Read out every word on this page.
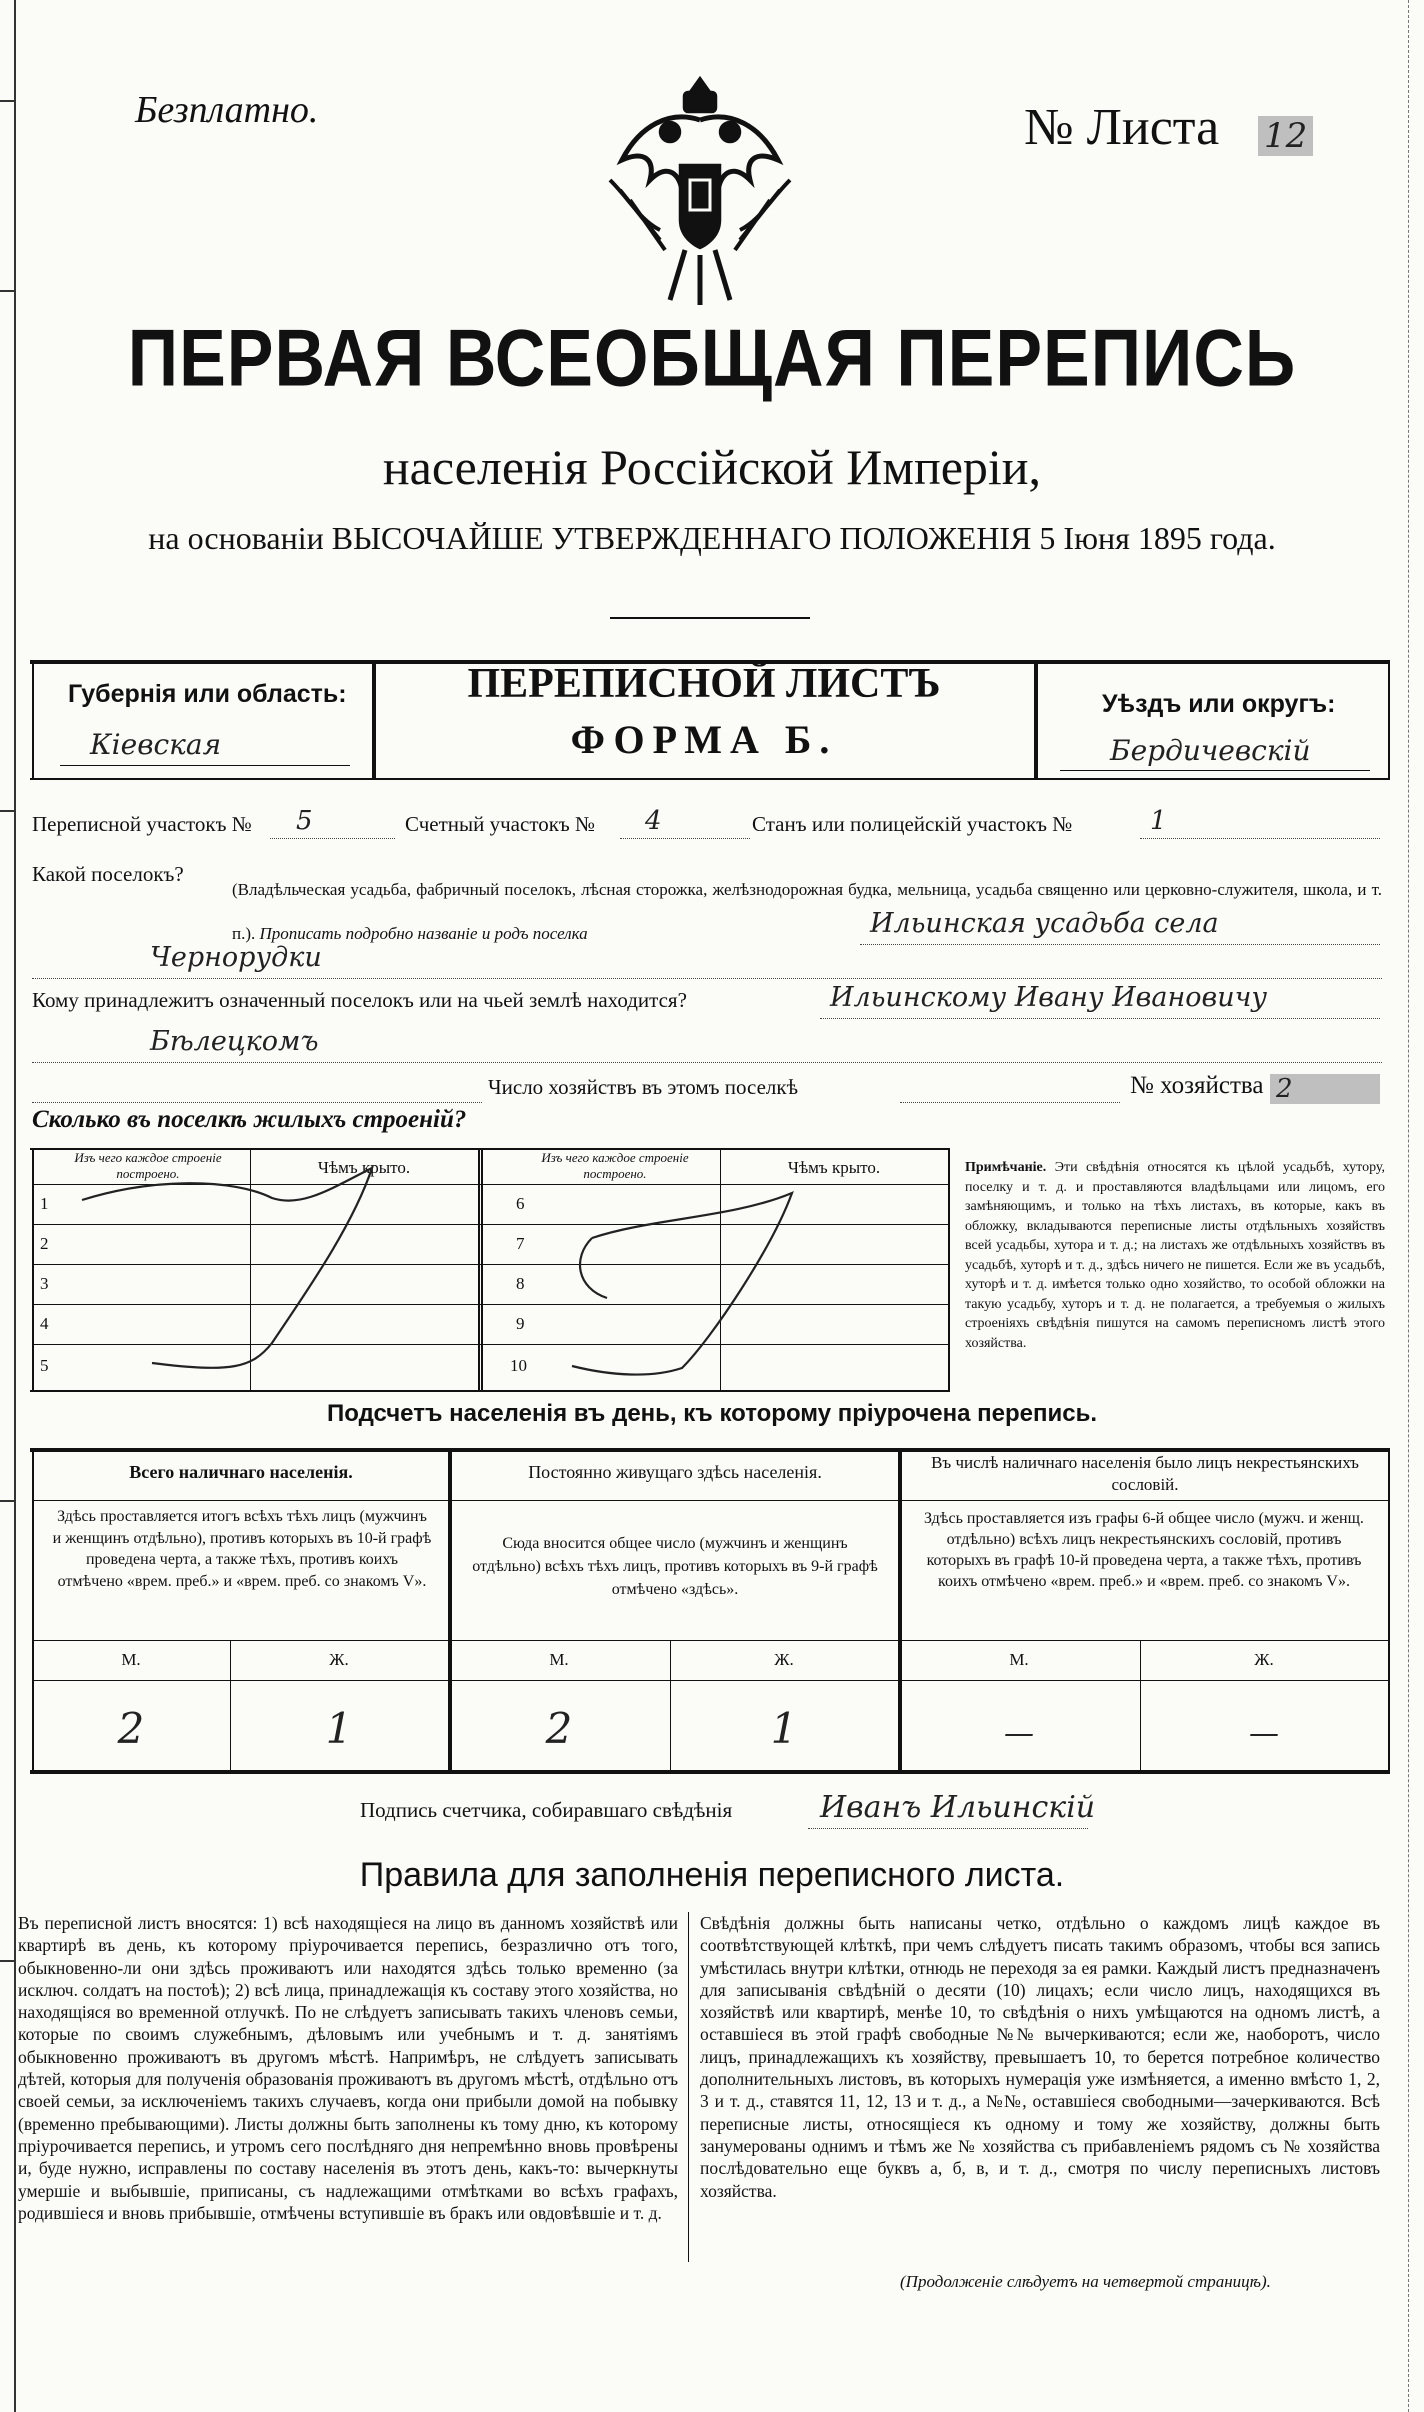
Безплатно.	№ Листа 12
ПЕРВАЯ ВСЕОБЩАЯ ПЕРЕПИСЬ
населенія Россійской Имперіи,
на основаніи ВЫСОЧАЙШЕ УТВЕРЖДЕННАГО ПОЛОЖЕНІЯ 5 Іюня 1895 года.
Губернія или область:
Кіевская
ПЕРЕПИСНОЙ ЛИСТЪ
ФОРМА Б.
Уѣздъ или округъ:
Бердичевскій
Переписной участокъ № 5	Счетный участокъ № 4	Станъ или полицейскій участокъ №	1
Какой поселокъ?
(Владѣльческая усадьба, фабричный поселокъ, лѣсная сторожка, желѣзнодорожная будка, мельница, усадьба священно или церковно-служителя, школа, и т. п.). Прописать подробно названіе и родъ поселка	Ильинская усадьба села
Чернорудки
Кому принадлежитъ означенный поселокъ или на чьей землѣ находится?	Ильинскому Ивану Ивановичу
Бѣлецкомъ
Число хозяйствъ въ этомъ поселкѣ	№ хозяйства 2
Сколько въ поселкѣ жилыхъ строеній?
Изъ чего каждое строеніе построено.	Чѣмъ крыто.
Изъ чего каждое строеніе построено.	Чѣмъ крыто.
1
2
3
4
5
6
7
8
9
10
Примѣчаніе. Эти свѣдѣнія относятся къ цѣлой усадьбѣ, хутору, поселку и т. д. и проставляются владѣльцами или лицомъ, его замѣняющимъ, и только на тѣхъ листахъ, въ которые, какъ въ обложку, вкладываются переписные листы отдѣльныхъ хозяйствъ всей усадьбы, хутора и т. д.; на листахъ же отдѣльныхъ хозяйствъ въ усадьбѣ, хуторѣ и т. д., здѣсь ничего не пишется. Если же въ усадьбѣ, хуторѣ и т. д. имѣется только одно хозяйство, то особой обложки на такую усадьбу, хуторъ и т. д. не полагается, а требуемыя о жилыхъ строеніяхъ свѣдѣнія пишутся на самомъ переписномъ листѣ этого хозяйства.
Подсчетъ населенія въ день, къ которому пріурочена перепись.
Всего наличнаго населенія.	Постоянно живущаго здѣсь населенія.	Въ числѣ наличнаго населенія было лицъ некрестьянскихъ сословій.
Здѣсь проставляется итогъ всѣхъ тѣхъ лицъ (мужчинъ и женщинъ отдѣльно), противъ которыхъ въ 10-й графѣ проведена черта, а также тѣхъ, противъ коихъ отмѣчено «врем. преб.» и «врем. преб. со знакомъ V».
Сюда вносится общее число (мужчинъ и женщинъ отдѣльно) всѣхъ тѣхъ лицъ, противъ которыхъ въ 9-й графѣ отмѣчено «здѣсь».
Здѣсь проставляется изъ графы 6-й общее число (мужч. и женщ. отдѣльно) всѣхъ лицъ некрестьянскихъ сословій, противъ которыхъ въ графѣ 10-й проведена черта, а также тѣхъ, противъ коихъ отмѣчено «врем. преб.» и «врем. преб. со знакомъ V».
М.	Ж.	М.	Ж.	М.	Ж.
2	1	2	1	—	—
Подпись счетчика, собиравшаго свѣдѣнія	Иванъ Ильинскій
Правила для заполненія переписного листа.
Въ переписной листъ вносятся: 1) всѣ находящіеся на лицо въ данномъ хозяйствѣ или квартирѣ въ день, къ которому пріурочивается перепись, безразлично отъ того, обыкновенно-ли они здѣсь проживаютъ или находятся здѣсь только временно (за исключ. солдатъ на постоѣ); 2) всѣ лица, принадлежащія къ составу этого хозяйства, но находящіяся во временной отлучкѣ. По не слѣдуетъ записывать такихъ членовъ семьи, которые по своимъ служебнымъ, дѣловымъ или учебнымъ и т. д. занятіямъ обыкновенно проживаютъ въ другомъ мѣстѣ. Напримѣръ, не слѣдуетъ записывать дѣтей, которыя для полученія образованія проживаютъ въ другомъ мѣстѣ, отдѣльно отъ своей семьи, за исключеніемъ такихъ случаевъ, когда они прибыли домой на побывку (временно пребывающими). Листы должны быть заполнены къ тому дню, къ которому пріурочивается перепись, и утромъ сего послѣдняго дня непремѣнно вновь провѣрены и, буде нужно, исправлены по составу населенія въ этотъ день, какъ-то: вычеркнуты умершіе и выбывшіе, приписаны, съ надлежащими отмѣтками во всѣхъ графахъ, родившіеся и вновь прибывшіе, отмѣчены вступившіе въ бракъ или овдовѣвшіе и т. д.
Свѣдѣнія должны быть написаны четко, отдѣльно о каждомъ лицѣ каждое въ соотвѣтствующей клѣткѣ, при чемъ слѣдуетъ писать такимъ образомъ, чтобы вся запись умѣстилась внутри клѣтки, отнюдь не переходя за ея рамки. Каждый листъ предназначенъ для записыванія свѣдѣній о десяти (10) лицахъ; если число лицъ, находящихся въ хозяйствѣ или квартирѣ, менѣе 10, то свѣдѣнія о нихъ умѣщаются на одномъ листѣ, а оставшіеся въ этой графѣ свободные №№ вычеркиваются; если же, наоборотъ, число лицъ, принадлежащихъ къ хозяйству, превышаетъ 10, то берется потребное количество дополнительныхъ листовъ, въ которыхъ нумерація уже измѣняется, а именно вмѣсто 1, 2, 3 и т. д., ставятся 11, 12, 13 и т. д., а №№, оставшіеся свободными—зачеркиваются. Всѣ переписные листы, относящіеся къ одному и тому же хозяйству, должны быть занумерованы однимъ и тѣмъ же № хозяйства съ прибавленіемъ рядомъ съ № хозяйства послѣдовательно еще буквъ а, б, в, и т. д., смотря по числу переписныхъ листовъ хозяйства.
(Продолженіе слѣдуетъ на четвертой страницѣ).
